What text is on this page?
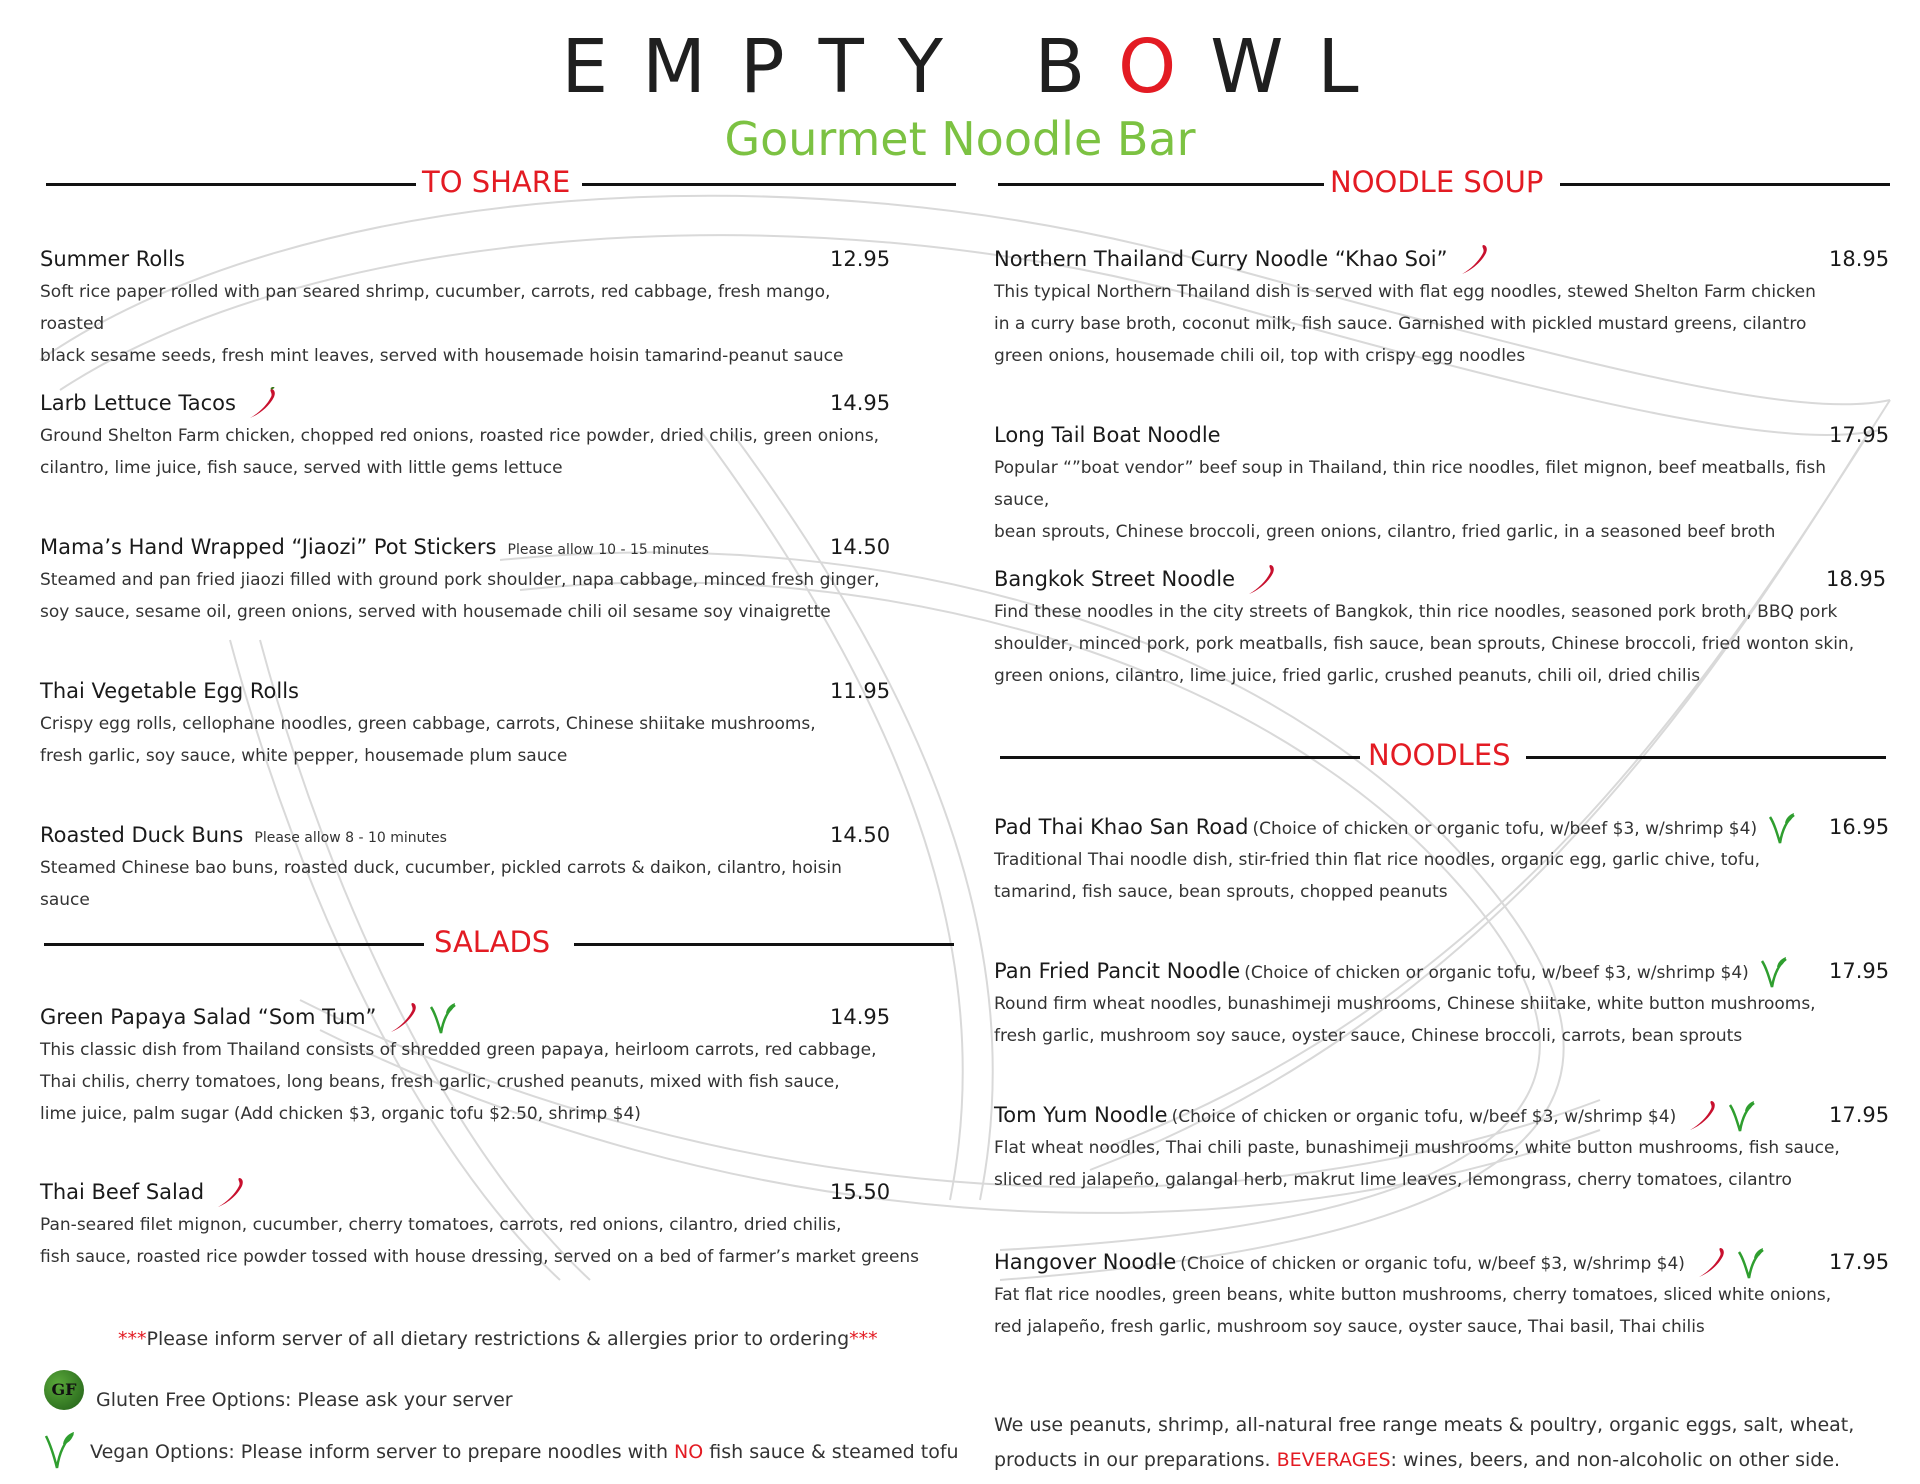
EMPTY BOWL
Gourmet Noodle Bar
TO SHARE	NOODLE SOUP
Summer Rolls	12.95
Soft rice paper rolled with pan seared shrimp, cucumber, carrots, red cabbage, fresh mango, roasted
black sesame seeds, fresh mint leaves, served with housemade hoisin tamarind-peanut sauce
Larb Lettuce Tacos	14.95
Ground Shelton Farm chicken, chopped red onions, roasted rice powder, dried chilis, green onions,
cilantro, lime juice, fish sauce, served with little gems lettuce
Mama’s Hand Wrapped “Jiaozi” Pot Stickers Please allow 10 - 15 minutes	14.50
Steamed and pan fried jiaozi filled with ground pork shoulder, napa cabbage, minced fresh ginger,
soy sauce, sesame oil, green onions, served with housemade chili oil sesame soy vinaigrette
Thai Vegetable Egg Rolls	11.95
Crispy egg rolls, cellophane noodles, green cabbage, carrots, Chinese shiitake mushrooms,
fresh garlic, soy sauce, white pepper, housemade plum sauce
Roasted Duck Buns Please allow 8 - 10 minutes	14.50
Steamed Chinese bao buns, roasted duck, cucumber, pickled carrots & daikon, cilantro, hoisin sauce
SALADS
Green Papaya Salad “Som Tum”	14.95
This classic dish from Thailand consists of shredded green papaya, heirloom carrots, red cabbage,
Thai chilis, cherry tomatoes, long beans, fresh garlic, crushed peanuts, mixed with fish sauce,
lime juice, palm sugar (Add chicken $3, organic tofu $2.50, shrimp $4)
Thai Beef Salad	15.50
Pan-seared filet mignon, cucumber, cherry tomatoes, carrots, red onions, cilantro, dried chilis,
fish sauce, roasted rice powder tossed with house dressing, served on a bed of farmer’s market greens
***Please inform server of all dietary restrictions & allergies prior to ordering***
GF Gluten Free Options: Please ask your server
Vegan Options: Please inform server to prepare noodles with NO fish sauce & steamed tofu
Northern Thailand Curry Noodle “Khao Soi”	18.95
This typical Northern Thailand dish is served with flat egg noodles, stewed Shelton Farm chicken
in a curry base broth, coconut milk, fish sauce. Garnished with pickled mustard greens, cilantro
green onions, housemade chili oil, top with crispy egg noodles
Long Tail Boat Noodle	17.95
Popular “”boat vendor” beef soup in Thailand, thin rice noodles, filet mignon, beef meatballs, fish sauce,
bean sprouts, Chinese broccoli, green onions, cilantro, fried garlic, in a seasoned beef broth
Bangkok Street Noodle	18.95
Find these noodles in the city streets of Bangkok, thin rice noodles, seasoned pork broth, BBQ pork
shoulder, minced pork, pork meatballs, fish sauce, bean sprouts, Chinese broccoli, fried wonton skin,
green onions, cilantro, lime juice, fried garlic, crushed peanuts, chili oil, dried chilis
NOODLES
Pad Thai Khao San Road (Choice of chicken or organic tofu, w/beef $3, w/shrimp $4)	16.95
Traditional Thai noodle dish, stir-fried thin flat rice noodles, organic egg, garlic chive, tofu,
tamarind, fish sauce, bean sprouts, chopped peanuts
Pan Fried Pancit Noodle (Choice of chicken or organic tofu, w/beef $3, w/shrimp $4)	17.95
Round firm wheat noodles, bunashimeji mushrooms, Chinese shiitake, white button mushrooms,
fresh garlic, mushroom soy sauce, oyster sauce, Chinese broccoli, carrots, bean sprouts
Tom Yum Noodle (Choice of chicken or organic tofu, w/beef $3, w/shrimp $4)	17.95
Flat wheat noodles, Thai chili paste, bunashimeji mushrooms, white button mushrooms, fish sauce,
sliced red jalapeño, galangal herb, makrut lime leaves, lemongrass, cherry tomatoes, cilantro
Hangover Noodle (Choice of chicken or organic tofu, w/beef $3, w/shrimp $4)	17.95
Fat flat rice noodles, green beans, white button mushrooms, cherry tomatoes, sliced white onions,
red jalapeño, fresh garlic, mushroom soy sauce, oyster sauce, Thai basil, Thai chilis
We use peanuts, shrimp, all-natural free range meats & poultry, organic eggs, salt, wheat,
products in our preparations. BEVERAGES: wines, beers, and non-alcoholic on other side.
